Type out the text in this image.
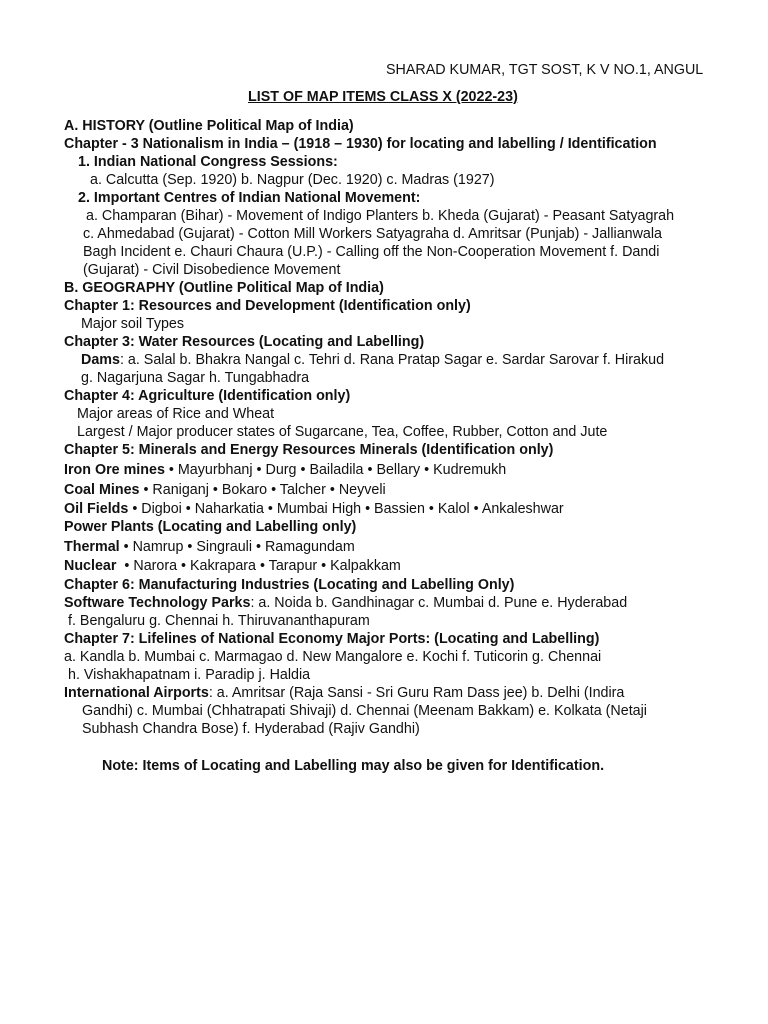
SHARAD KUMAR, TGT SOST, K V NO.1, ANGUL
LIST OF MAP ITEMS CLASS X (2022-23)
A. HISTORY (Outline Political Map of India)
Chapter - 3 Nationalism in India – (1918 – 1930) for locating and labelling / Identification
1. Indian National Congress Sessions:
a. Calcutta (Sep. 1920) b. Nagpur (Dec. 1920) c. Madras (1927)
2. Important Centres of Indian National Movement:
a. Champaran (Bihar) - Movement of Indigo Planters b. Kheda (Gujarat) - Peasant Satyagrah
c. Ahmedabad (Gujarat) - Cotton Mill Workers Satyagraha d. Amritsar (Punjab) - Jallianwala
Bagh Incident e. Chauri Chaura (U.P.) - Calling off the Non-Cooperation Movement f. Dandi
(Gujarat) - Civil Disobedience Movement
B. GEOGRAPHY (Outline Political Map of India)
Chapter 1: Resources and Development (Identification only)
Major soil Types
Chapter 3: Water Resources (Locating and Labelling)
Dams: a. Salal b. Bhakra Nangal c. Tehri d. Rana Pratap Sagar e. Sardar Sarovar f. Hirakud
g. Nagarjuna Sagar h. Tungabhadra
Chapter 4: Agriculture (Identification only)
Major areas of Rice and Wheat
Largest / Major producer states of Sugarcane, Tea, Coffee, Rubber, Cotton and Jute
Chapter 5: Minerals and Energy Resources Minerals (Identification only)
Iron Ore mines • Mayurbhanj • Durg • Bailadila • Bellary • Kudremukh
Coal Mines • Raniganj • Bokaro • Talcher • Neyveli
Oil Fields • Digboi • Naharkatia • Mumbai High • Bassien • Kalol • Ankaleshwar
Power Plants (Locating and Labelling only)
Thermal • Namrup • Singrauli • Ramagundam
Nuclear  • Narora • Kakrapara • Tarapur • Kalpakkam
Chapter 6: Manufacturing Industries (Locating and Labelling Only)
Software Technology Parks: a. Noida b. Gandhinagar c. Mumbai d. Pune e. Hyderabad
f. Bengaluru g. Chennai h. Thiruvananthapuram
Chapter 7: Lifelines of National Economy Major Ports: (Locating and Labelling)
a. Kandla b. Mumbai c. Marmagao d. New Mangalore e. Kochi f. Tuticorin g. Chennai
h. Vishakhapatnam i. Paradip j. Haldia
International Airports: a. Amritsar (Raja Sansi - Sri Guru Ram Dass jee) b. Delhi (Indira
Gandhi) c. Mumbai (Chhatrapati Shivaji) d. Chennai (Meenam Bakkam) e. Kolkata (Netaji
Subhash Chandra Bose) f. Hyderabad (Rajiv Gandhi)
Note: Items of Locating and Labelling may also be given for Identification.
